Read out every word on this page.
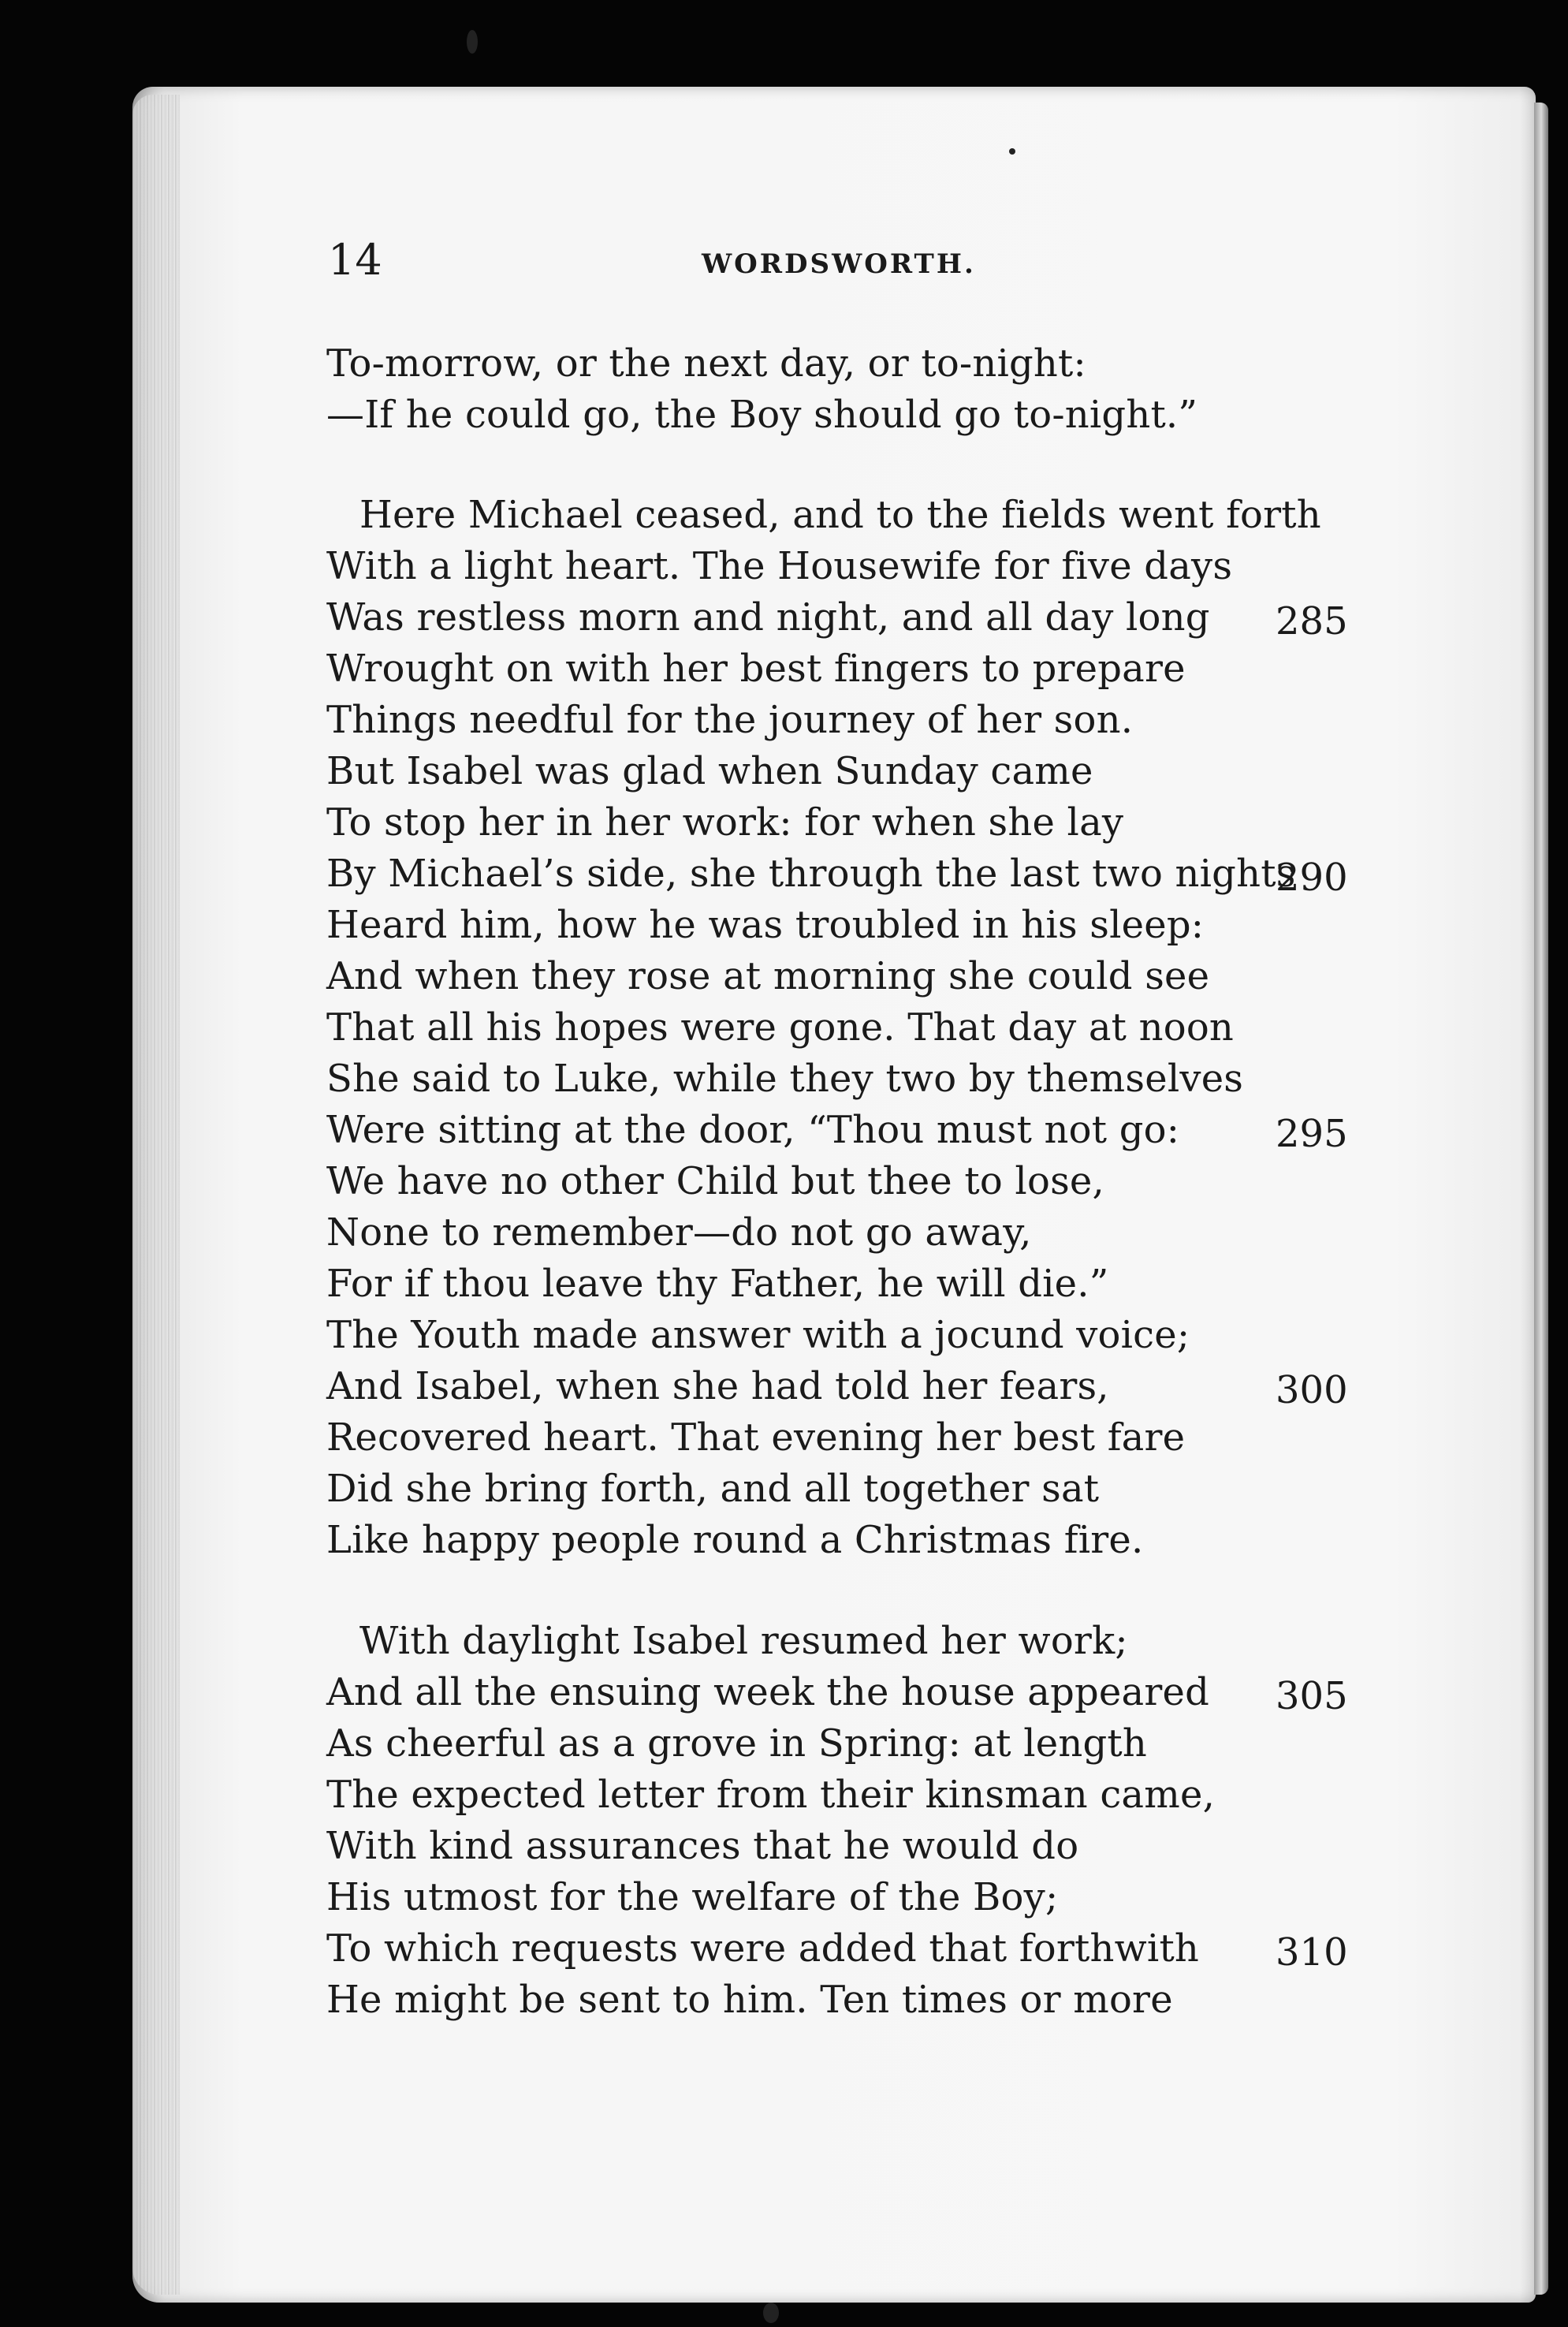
14	WORDSWORTH.
To-morrow, or the next day, or to-night:
—If he could go, the Boy should go to-night.”
Here Michael ceased, and to the fields went forth
With a light heart. The Housewife for five days
Was restless morn and night, and all day long 285
Wrought on with her best fingers to prepare
Things needful for the journey of her son.
But Isabel was glad when Sunday came
To stop her in her work: for when she lay
By Michael’s side, she through the last two nights
290
Heard him, how he was troubled in his sleep:
And when they rose at morning she could see
That all his hopes were gone. That day at noon
She said to Luke, while they two by themselves
Were sitting at the door, “Thou must not go:	295
We have no other Child but thee to lose,
None to remember—do not go away,
For if thou leave thy Father, he will die.”
The Youth made answer with a jocund voice;
And Isabel, when she had told her fears,	300
Recovered heart. That evening her best fare
Did she bring forth, and all together sat
Like happy people round a Christmas fire.
With daylight Isabel resumed her work;
And all the ensuing week the house appeared 305
As cheerful as a grove in Spring: at length
The expected letter from their kinsman came,
With kind assurances that he would do
His utmost for the welfare of the Boy;
To which requests were added that forthwith 310
He might be sent to him. Ten times or more
